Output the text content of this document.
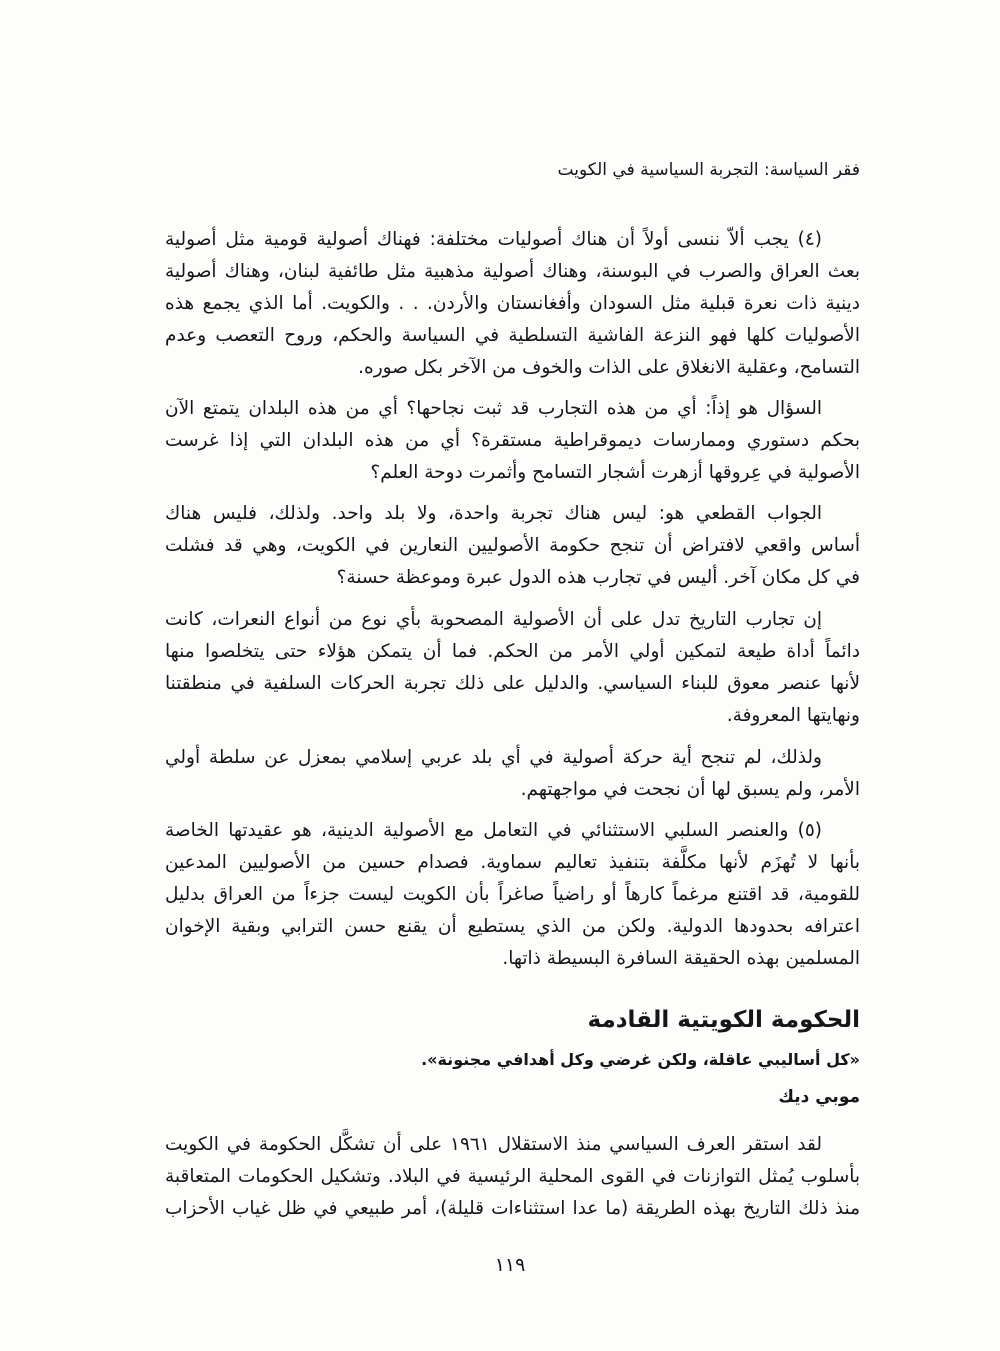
فقر السياسة: التجربة السياسية في الكويت
(٤) يجب ألاّ ننسى أولاً أن هناك أصوليات مختلفة: فهناك أصولية قومية مثل أصولية
بعث العراق والصرب في البوسنة، وهناك أصولية مذهبية مثل طائفية لبنان، وهناك أصولية
دينية ذات نعرة قبلية مثل السودان وأفغانستان والأردن. . . والكويت. أما الذي يجمع هذه
الأصوليات كلها فهو النزعة الفاشية التسلطية في السياسة والحكم، وروح التعصب وعدم
التسامح، وعقلية الانغلاق على الذات والخوف من الآخر بكل صوره.
السؤال هو إذاً: أي من هذه التجارب قد ثبت نجاحها؟ أي من هذه البلدان يتمتع الآن
بحكم دستوري وممارسات ديموقراطية مستقرة؟ أي من هذه البلدان التي إذا غرست
الأصولية في عِروقها أزهرت أشجار التسامح وأثمرت دوحة العلم؟
الجواب القطعي هو: ليس هناك تجربة واحدة، ولا بلد واحد. ولذلك، فليس هناك
أساس واقعي لافتراض أن تنجح حكومة الأصوليين النعارين في الكويت، وهي قد فشلت
في كل مكان آخر. أليس في تجارب هذه الدول عبرة وموعظة حسنة؟
إن تجارب التاريخ تدل على أن الأصولية المصحوبة بأي نوع من أنواع النعرات، كانت
دائماً أداة طيعة لتمكين أولي الأمر من الحكم. فما أن يتمكن هؤلاء حتى يتخلصوا منها
لأنها عنصر معوق للبناء السياسي. والدليل على ذلك تجربة الحركات السلفية في منطقتنا
ونهايتها المعروفة.
ولذلك، لم تنجح أية حركة أصولية في أي بلد عربي إسلامي بمعزل عن سلطة أولي
الأمر، ولم يسبق لها أن نجحت في مواجهتهم.
(٥) والعنصر السلبي الاستثنائي في التعامل مع الأصولية الدينية، هو عقيدتها الخاصة
بأنها لا تُهزَم لأنها مكلَّفة بتنفيذ تعاليم سماوية. فصدام حسين من الأصوليين المدعين
للقومية، قد اقتنع مرغماً كارهاً أو راضياً صاغراً بأن الكويت ليست جزءاً من العراق بدليل
اعترافه بحدودها الدولية. ولكن من الذي يستطيع أن يقنع حسن الترابي وبقية الإخوان
المسلمين بهذه الحقيقة السافرة البسيطة ذاتها.
الحكومة الكويتية القادمة
«كل أساليبي عاقلة، ولكن غرضي وكل أهدافي مجنونة».
موبي ديك
لقد استقر العرف السياسي منذ الاستقلال ١٩٦١ على أن تشكَّل الحكومة في الكويت
بأسلوب يُمثل التوازنات في القوى المحلية الرئيسية في البلاد. وتشكيل الحكومات المتعاقبة
منذ ذلك التاريخ بهذه الطريقة (ما عدا استثناءات قليلة)، أمر طبيعي في ظل غياب الأحزاب
١١٩
